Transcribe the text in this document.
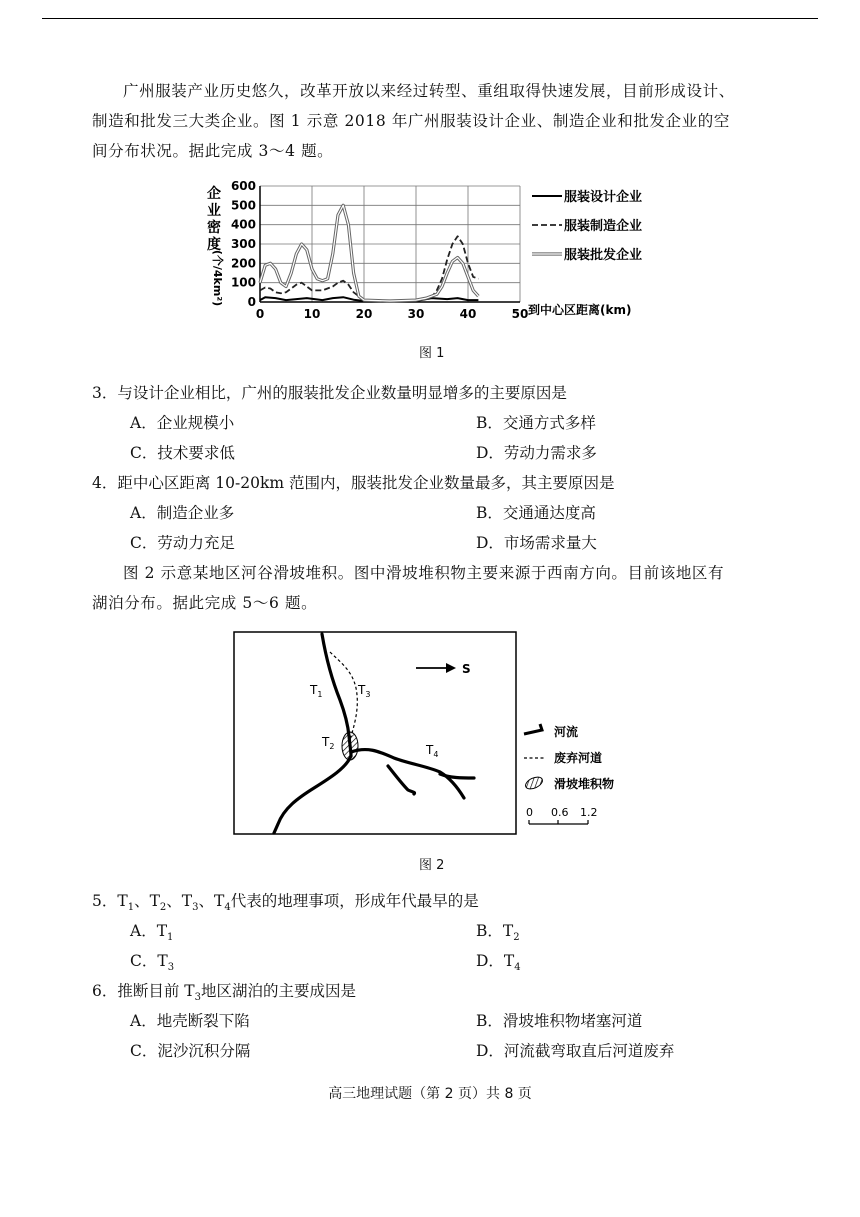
广州服装产业历史悠久，改革开放以来经过转型、重组取得快速发展，目前形成设计、

制造和批发三大类企业。图 1 示意 2018 年广州服装设计企业、制造企业和批发企业的空
间分布状况。据此完成 3～4 题。
0
100
200
300
400
500
600
0	10	20	30	40	50
企
业
密
度
(个/4km²)
到中心区距离(km)
服装设计企业
服装制造企业
服装批发企业
图 1
3．与设计企业相比，广州的服装批发企业数量明显增多的主要原因是
A．企业规模小	B．交通方式多样
C．技术要求低	D．劳动力需求多
4．距中心区距离 10-20km 范围内，服装批发企业数量最多，其主要原因是
A．制造企业多	B．交通通达度高
C．劳动力充足	D．市场需求量大

图 2 示意某地区河谷滑坡堆积。图中滑坡堆积物主要来源于西南方向。目前该地区有

湖泊分布。据此完成 5～6 题。
S
$T_1$	$T_3$
$T_2$	$T_4$
河流
废弃河道
滑坡堆积物
0 0.6 1.2
图 2
5．$T_1$、$T_2$、$T_3$、$T_4$代表的地理事项，形成年代最早的是
A．$T_1$	B．$T_2$
C．$T_3$	D．$T_4$
6．推断目前 $T_3$地区湖泊的主要成因是
A．地壳断裂下陷	B．滑坡堆积物堵塞河道
C．泥沙沉积分隔	D．河流截弯取直后河道废弃
高三地理试题（第 2 页）共 8 页
